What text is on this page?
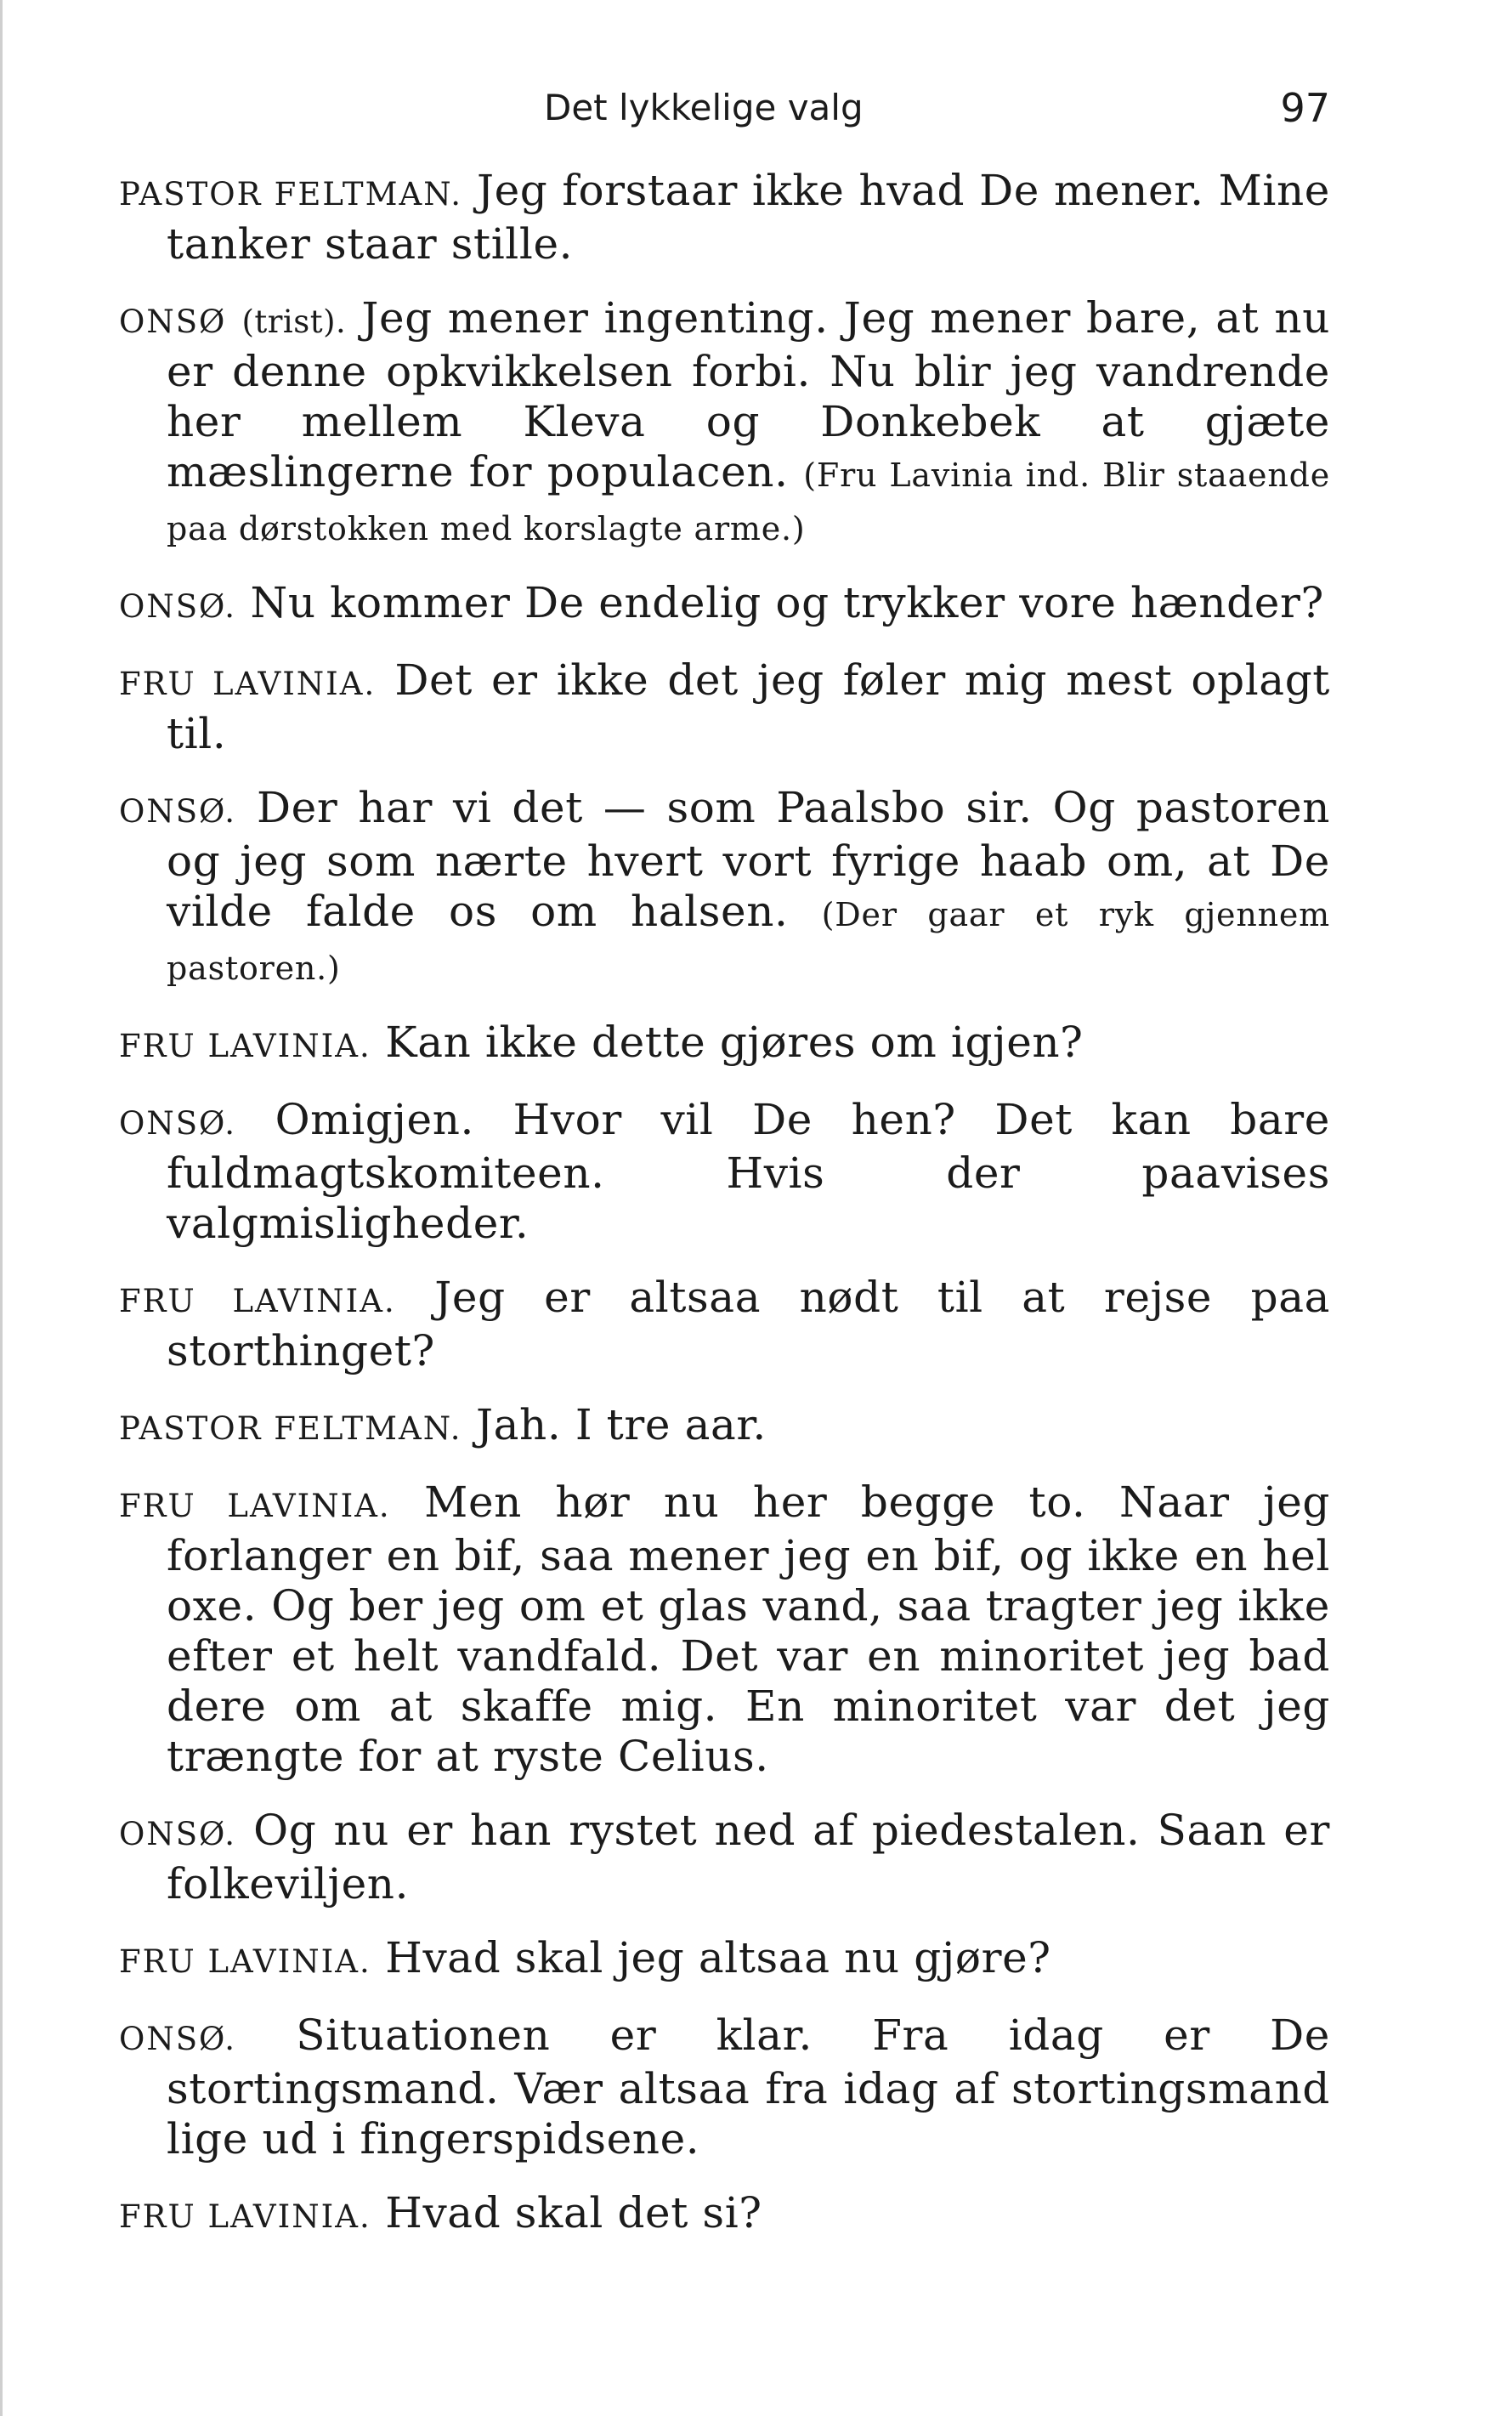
Det lykkelige valg	97

PASTOR FELTMAN. Jeg forstaar ikke hvad De mener. Mine tanker staar stille.

ONSØ (trist). Jeg mener ingenting. Jeg mener bare, at nu er denne opkvikkelsen forbi. Nu blir jeg vandrende her mellem Kleva og Donkebek at gjæte mæslingerne for populacen. (Fru Lavinia ind. Blir staaende paa dørstokken med korslagte arme.)

ONSØ. Nu kommer De endelig og trykker vore hænder?

FRU LAVINIA. Det er ikke det jeg føler mig mest oplagt til.

ONSØ. Der har vi det — som Paalsbo sir. Og pastoren og jeg som nærte hvert vort fyrige haab om, at De vilde falde os om halsen. (Der gaar et ryk gjennem pastoren.)

FRU LAVINIA. Kan ikke dette gjøres om igjen?

ONSØ. Omigjen. Hvor vil De hen? Det kan bare fuldmagtskomiteen. Hvis der paavises valgmisligheder.

FRU LAVINIA. Jeg er altsaa nødt til at rejse paa storthinget?

PASTOR FELTMAN. Jah. I tre aar.

FRU LAVINIA. Men hør nu her begge to. Naar jeg forlanger en bif, saa mener jeg en bif, og ikke en hel oxe. Og ber jeg om et glas vand, saa tragter jeg ikke efter et helt vandfald. Det var en minoritet jeg bad dere om at skaffe mig. En minoritet var det jeg trængte for at ryste Celius.

ONSØ. Og nu er han rystet ned af piedestalen. Saan er folkeviljen.

FRU LAVINIA. Hvad skal jeg altsaa nu gjøre?

ONSØ. Situationen er klar. Fra idag er De stortingsmand. Vær altsaa fra idag af stortingsmand lige ud i fingerspidsene.

FRU LAVINIA. Hvad skal det si?
